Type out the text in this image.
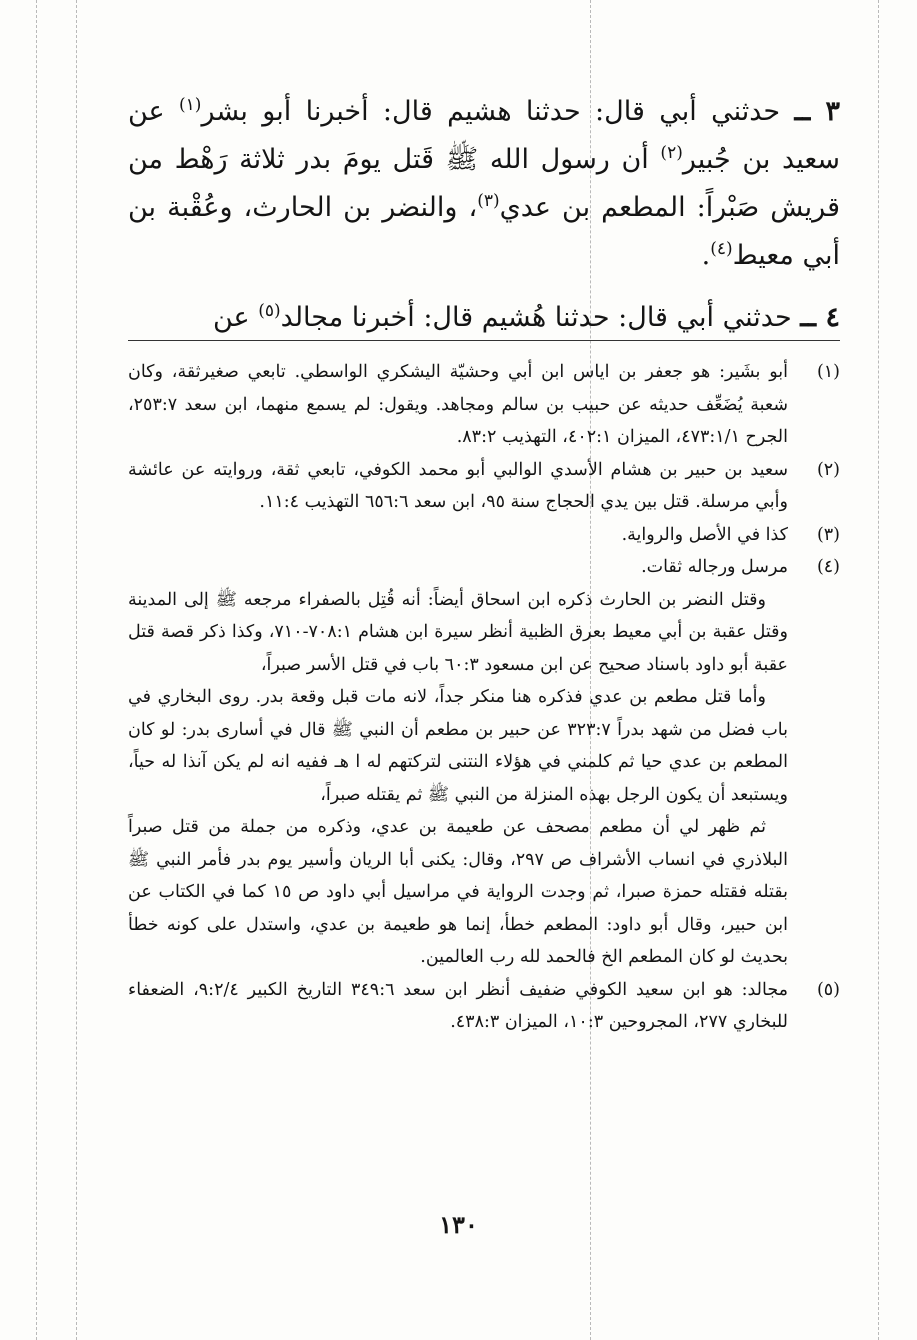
٣ ــ حدثني أبي قال: حدثنا هشيم قال: أخبرنا أبو بشر$^{(١)}$ عن سعيد بن جُبير$^{(٢)}$ أن رسول الله ﷺ قَتل يومَ بدر ثلاثة رَهْط من قريش صَبْراً: المطعم بن عدي$^{(٣)}$، والنضر بن الحارث، وعُقْبة بن أبي معيط$^{(٤)}$.

٤ ــ حدثني أبي قال: حدثنا هُشيم قال: أخبرنا مجالد$^{(٥)}$ عن

(١)
أبو بشَير: هو جعفر بن اياس ابن أبي وحشيّة اليشكري الواسطي. تابعي صغيرثقة، وكان شعبة يُضَعِّف حديثه عن حبيب بن سالم ومجاهد. ويقول: لم يسمع منهما، ابن سعد ٢٥٣:٧، الجرح ٤٧٣:١/١، الميزان ٤٠٢:١، التهذيب ٨٣:٢.
(٢)
سعيد بن حبير بن هشام الأسدي الوالبي أبو محمد الكوفي، تابعي ثقة، وروايته عن عائشة وأبي مرسلة. قتل بين يدي الحجاج سنة ٩٥، ابن سعد ٦٥٦:٦ التهذيب ١١:٤.
(٣)
كذا في الأصل والرواية.
(٤)
مرسل ورجاله ثقات.
وقتل النضر بن الحارث ذكره ابن اسحاق أيضاً: أنه قُتِل بالصفراء مرجعه ﷺ إلى المدينة وقتل عقبة بن أبي معيط بعرق الظبية أنظر سيرة ابن هشام ٧٠٨:١-٧١٠، وكذا ذكر قصة قتل عقبة أبو داود باسناد صحيح عن ابن مسعود ٦٠:٣ باب في قتل الأسر صبراً،
وأما قتل مطعم بن عدي فذكره هنا منكر جداً، لانه مات قبل وقعة بدر. روى البخاري في باب فضل من شهد بدراً ٣٢٣:٧ عن حبير بن مطعم أن النبي ﷺ قال في أسارى بدر: لو كان المطعم بن عدي حيا ثم كلمني في هؤلاء النتنى لتركتهم له ا هـ ففيه انه لم يكن آنذا له حياً، ويستبعد أن يكون الرجل بهذه المنزلة من النبي ﷺ ثم يقتله صبراً،
ثم ظهر لي أن مطعم مصحف عن طعيمة بن عدي، وذكره من جملة من قتل صبراً البلاذري في انساب الأشراف ص ٢٩٧، وقال: يكنى أبا الريان وأسير يوم بدر فأمر النبي ﷺ بقتله فقتله حمزة صبرا، ثم وجدت الرواية في مراسيل أبي داود ص ١٥ كما في الكتاب عن ابن حبير، وقال أبو داود: المطعم خطأ، إنما هو طعيمة بن عدي، واستدل على كونه خطأ بحديث لو كان المطعم الخ فالحمد لله رب العالمين.
(٥)
مجالد: هو ابن سعيد الكوفي ضفيف أنظر ابن سعد ٣٤٩:٦ التاريخ الكبير ٩:٢/٤، الضعفاء للبخاري ٢٧٧، المجروحين ١٠:٣، الميزان ٤٣٨:٣.
١٣٠
